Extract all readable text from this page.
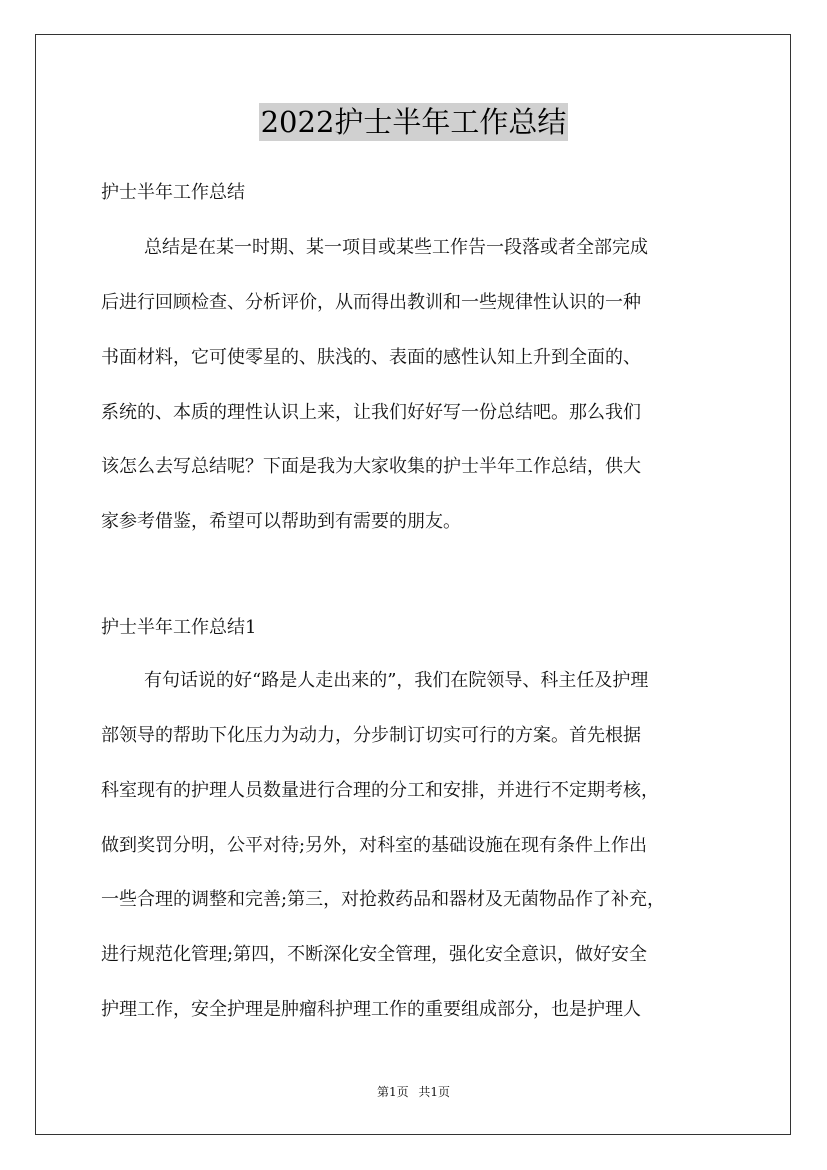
2022护士半年工作总结
护士半年工作总结
总结是在某一时期、某一项目或某些工作告一段落或者全部完成
后进行回顾检查、分析评价，从而得出教训和一些规律性认识的一种
书面材料，它可使零星的、肤浅的、表面的感性认知上升到全面的、
系统的、本质的理性认识上来，让我们好好写一份总结吧。那么我们
该怎么去写总结呢？下面是我为大家收集的护士半年工作总结，供大
家参考借鉴，希望可以帮助到有需要的朋友。
护士半年工作总结1
有句话说的好“路是人走出来的”，我们在院领导、科主任及护理
部领导的帮助下化压力为动力，分步制订切实可行的方案。首先根据
科室现有的护理人员数量进行合理的分工和安排，并进行不定期考核，
做到奖罚分明，公平对待;另外，对科室的基础设施在现有条件上作出
一些合理的调整和完善;第三，对抢救药品和器材及无菌物品作了补充，
进行规范化管理;第四，不断深化安全管理，强化安全意识，做好安全
护理工作，安全护理是肿瘤科护理工作的重要组成部分，也是护理人
第1页 共1页
